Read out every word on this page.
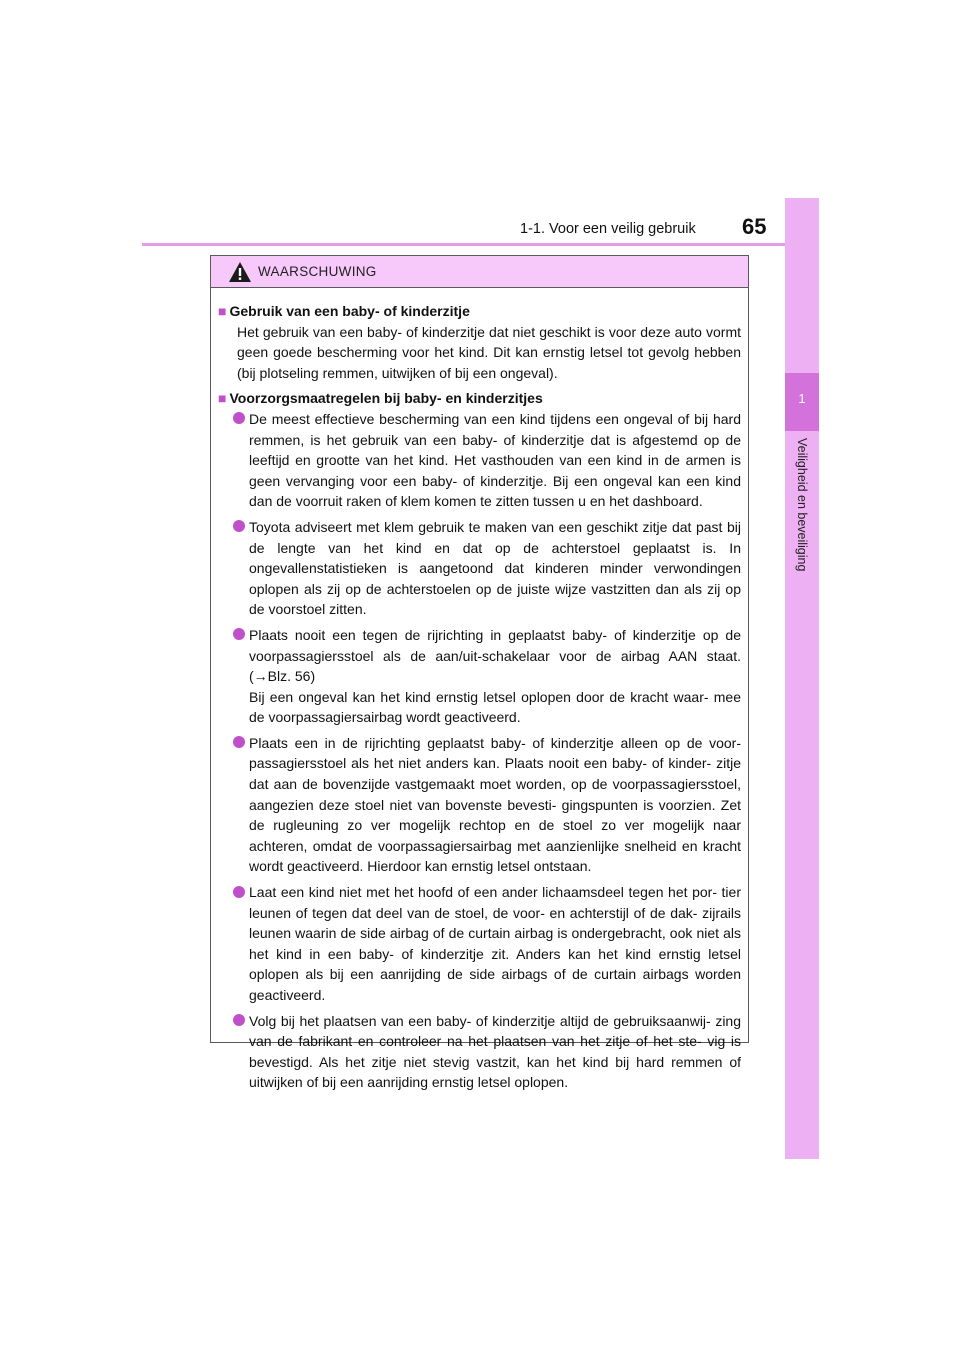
1-1. Voor een veilig gebruik 65
1
Veiligheid en beveiliging
WAARSCHUWING

■ Gebruik van een baby- of kinderzitje

Het gebruik van een baby- of kinderzitje dat niet geschikt is voor deze auto vormt geen goede bescherming voor het kind. Dit kan ernstig letsel tot gevolg hebben (bij plotseling remmen, uitwijken of bij een ongeval).

■ Voorzorgsmaatregelen bij baby- en kinderzitjes

De meest effectieve bescherming van een kind tijdens een ongeval of bij hard remmen, is het gebruik van een baby- of kinderzitje dat is afgestemd op de leeftijd en grootte van het kind. Het vasthouden van een kind in de armen is geen vervanging voor een baby- of kinderzitje. Bij een ongeval kan een kind dan de voorruit raken of klem komen te zitten tussen u en het dashboard.
Toyota adviseert met klem gebruik te maken van een geschikt zitje dat past bij de lengte van het kind en dat op de achterstoel geplaatst is. In ongevallenstatistieken is aangetoond dat kinderen minder verwondingen oplopen als zij op de achterstoelen op de juiste wijze vastzitten dan als zij op de voorstoel zitten.
Plaats nooit een tegen de rijrichting in geplaatst baby- of kinderzitje op de voorpassagiersstoel als de aan/uit-schakelaar voor de airbag AAN staat. (→Blz. 56)
Bij een ongeval kan het kind ernstig letsel oplopen door de kracht waar- mee de voorpassagiersairbag wordt geactiveerd.
Plaats een in de rijrichting geplaatst baby- of kinderzitje alleen op de voor- passagiersstoel als het niet anders kan. Plaats nooit een baby- of kinder- zitje dat aan de bovenzijde vastgemaakt moet worden, op de voorpassagiersstoel, aangezien deze stoel niet van bovenste bevesti- gingspunten is voorzien. Zet de rugleuning zo ver mogelijk rechtop en de stoel zo ver mogelijk naar achteren, omdat de voorpassagiersairbag met aanzienlijke snelheid en kracht wordt geactiveerd. Hierdoor kan ernstig letsel ontstaan.
Laat een kind niet met het hoofd of een ander lichaamsdeel tegen het por- tier leunen of tegen dat deel van de stoel, de voor- en achterstijl of de dak- zijrails leunen waarin de side airbag of de curtain airbag is ondergebracht, ook niet als het kind in een baby- of kinderzitje zit. Anders kan het kind ernstig letsel oplopen als bij een aanrijding de side airbags of de curtain airbags worden geactiveerd.
Volg bij het plaatsen van een baby- of kinderzitje altijd de gebruiksaanwij- zing van de fabrikant en controleer na het plaatsen van het zitje of het ste- vig is bevestigd. Als het zitje niet stevig vastzit, kan het kind bij hard remmen of uitwijken of bij een aanrijding ernstig letsel oplopen.
